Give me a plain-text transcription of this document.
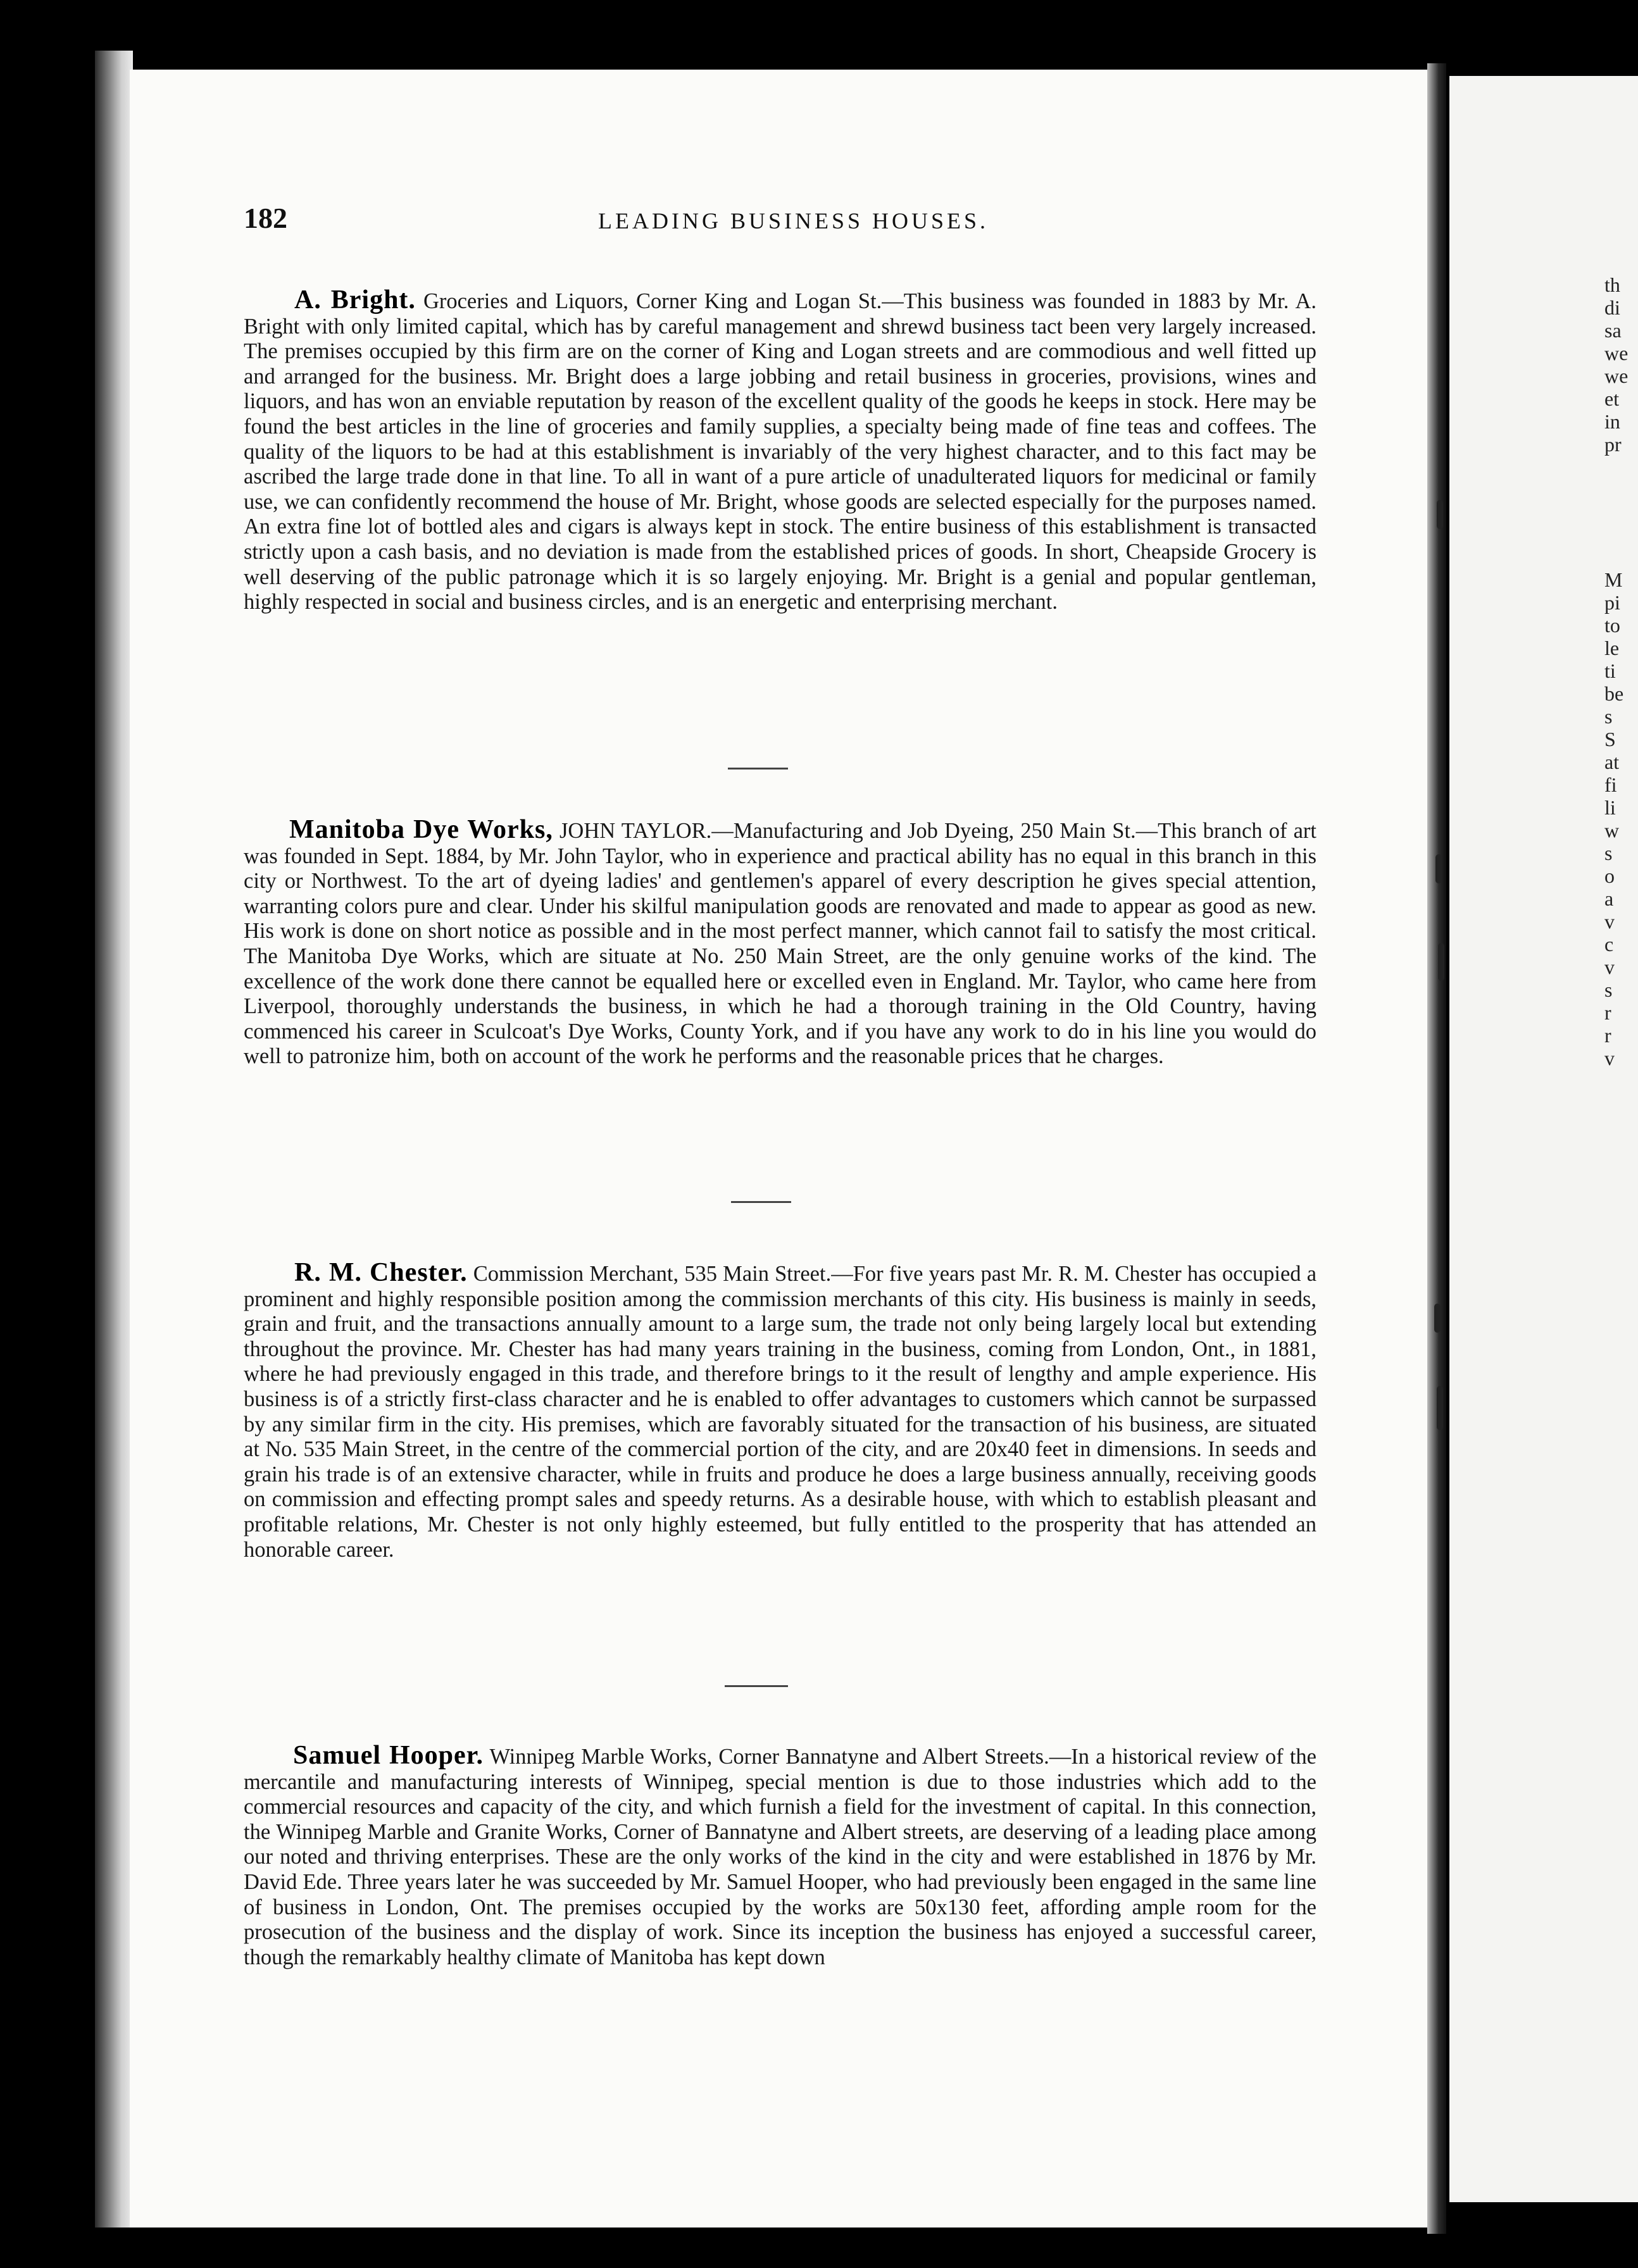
182	LEADING BUSINESS HOUSES.
A. Bright. Groceries and Liquors, Corner King and Logan St.—This business was founded in 1883 by Mr. A. Bright with only limited capital, which has by careful management and shrewd business tact been very largely increased. The premises occupied by this firm are on the corner of King and Logan streets and are commodious and well fitted up and arranged for the business. Mr. Bright does a large jobbing and retail business in groceries, provisions, wines and liquors, and has won an enviable reputation by reason of the excellent quality of the goods he keeps in stock. Here may be found the best articles in the line of groceries and family supplies, a specialty being made of fine teas and coffees. The quality of the liquors to be had at this establishment is invariably of the very highest character, and to this fact may be ascribed the large trade done in that line. To all in want of a pure article of unadulterated liquors for medicinal or family use, we can confidently recommend the house of Mr. Bright, whose goods are selected especially for the purposes named. An extra fine lot of bottled ales and cigars is always kept in stock. The entire business of this establishment is transacted strictly upon a cash basis, and no deviation is made from the established prices of goods. In short, Cheapside Grocery is well deserving of the public patronage which it is so largely enjoying. Mr. Bright is a genial and popular gentleman, highly respected in social and business circles, and is an energetic and enterprising merchant.
Manitoba Dye Works, JOHN TAYLOR.—Manufacturing and Job Dyeing, 250 Main St.—This branch of art was founded in Sept. 1884, by Mr. John Taylor, who in experience and practical ability has no equal in this branch in this city or Northwest. To the art of dyeing ladies' and gentlemen's apparel of every description he gives special attention, warranting colors pure and clear. Under his skilful manipulation goods are renovated and made to appear as good as new. His work is done on short notice as possible and in the most perfect manner, which cannot fail to satisfy the most critical. The Manitoba Dye Works, which are situate at No. 250 Main Street, are the only genuine works of the kind. The excellence of the work done there cannot be equalled here or excelled even in England. Mr. Taylor, who came here from Liverpool, thoroughly understands the business, in which he had a thorough training in the Old Country, having commenced his career in Sculcoat's Dye Works, County York, and if you have any work to do in his line you would do well to patronize him, both on account of the work he performs and the reasonable prices that he charges.
R. M. Chester. Commission Merchant, 535 Main Street.—For five years past Mr. R. M. Chester has occupied a prominent and highly responsible position among the commission merchants of this city. His business is mainly in seeds, grain and fruit, and the transactions annually amount to a large sum, the trade not only being largely local but extending throughout the province. Mr. Chester has had many years training in the business, coming from London, Ont., in 1881, where he had previously engaged in this trade, and therefore brings to it the result of lengthy and ample experience. His business is of a strictly first-class character and he is enabled to offer advantages to customers which cannot be surpassed by any similar firm in the city. His premises, which are favorably situated for the transaction of his business, are situated at No. 535 Main Street, in the centre of the commercial portion of the city, and are 20x40 feet in dimensions. In seeds and grain his trade is of an extensive character, while in fruits and produce he does a large business annually, receiving goods on commission and effecting prompt sales and speedy returns. As a desirable house, with which to establish pleasant and profitable relations, Mr. Chester is not only highly esteemed, but fully entitled to the prosperity that has attended an honorable career.
Samuel Hooper. Winnipeg Marble Works, Corner Bannatyne and Albert Streets.—In a historical review of the mercantile and manufacturing interests of Winnipeg, special mention is due to those industries which add to the commercial resources and capacity of the city, and which furnish a field for the investment of capital. In this connection, the Winnipeg Marble and Granite Works, Corner of Bannatyne and Albert streets, are deserving of a leading place among our noted and thriving enterprises. These are the only works of the kind in the city and were established in 1876 by Mr. David Ede. Three years later he was succeeded by Mr. Samuel Hooper, who had previously been engaged in the same line of business in London, Ont. The premises occupied by the works are 50x130 feet, affording ample room for the prosecution of the business and the display of work. Since its inception the business has enjoyed a successful career, though the remarkably healthy climate of Manitoba has kept down
th
di
sa
we
we
et
in
pr
M
pi
to
le
ti
be
s
S
at
fi
li
w
s
o
a
v
c
v
s
r
r
v
